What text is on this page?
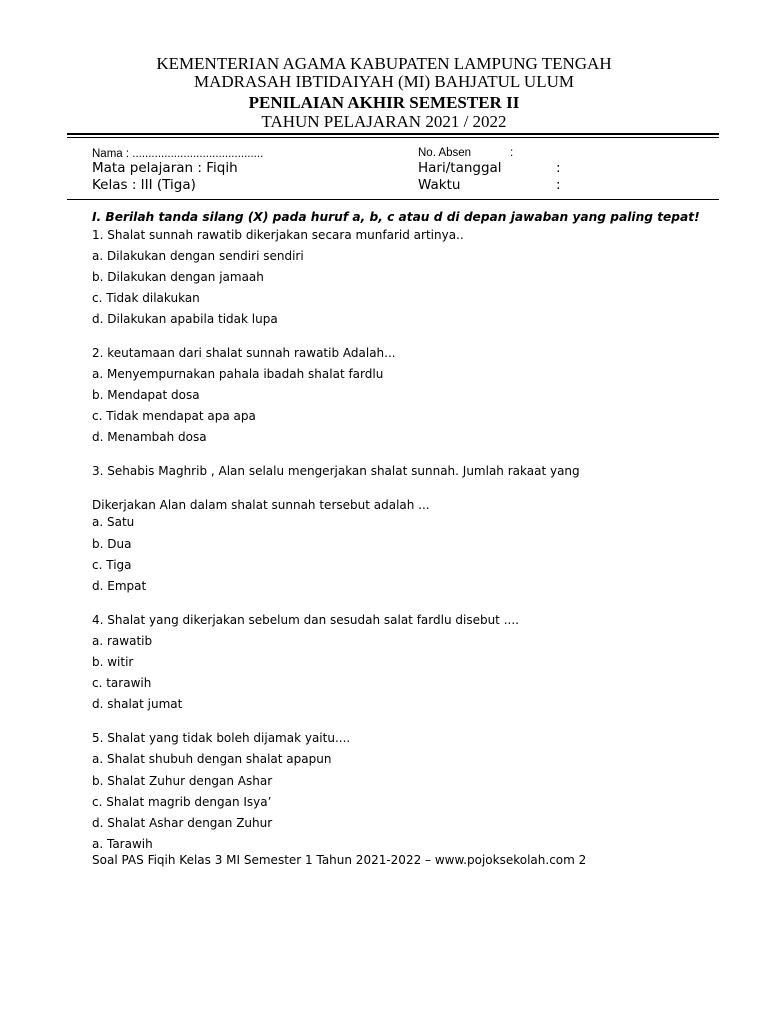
KEMENTERIAN AGAMA KABUPATEN LAMPUNG TENGAH
MADRASAH IBTIDAIYAH (MI) BAHJATUL ULUM
PENILAIAN AKHIR SEMESTER II
TAHUN PELAJARAN 2021 / 2022
Nama : .........................................	No. Absen	:
Mata pelajaran : Fiqih	Hari/tanggal	:
Kelas : III (Tiga)	Waktu	:
I. Berilah tanda silang (X) pada huruf a, b, c atau d di depan jawaban yang paling tepat!
1. Shalat sunnah rawatib dikerjakan secara munfarid artinya..
a. Dilakukan dengan sendiri sendiri
b. Dilakukan dengan jamaah
c. Tidak dilakukan
d. Dilakukan apabila tidak lupa
2. keutamaan dari shalat sunnah rawatib Adalah...
a. Menyempurnakan pahala ibadah shalat fardlu
b. Mendapat dosa
c. Tidak mendapat apa apa
d. Menambah dosa
3. Sehabis Maghrib , Alan selalu mengerjakan shalat sunnah. Jumlah rakaat yang
Dikerjakan Alan dalam shalat sunnah tersebut adalah ...
a. Satu
b. Dua
c. Tiga
d. Empat
4. Shalat yang dikerjakan sebelum dan sesudah salat fardlu disebut ....
a. rawatib
b. witir
c. tarawih
d. shalat jumat
5. Shalat yang tidak boleh dijamak yaitu....
a. Shalat shubuh dengan shalat apapun
b. Shalat Zuhur dengan Ashar
c. Shalat magrib dengan Isya’
d. Shalat Ashar dengan Zuhur
a. Tarawih
Soal PAS Fiqih Kelas 3 MI Semester 1 Tahun 2021-2022 – www.pojoksekolah.com 2
